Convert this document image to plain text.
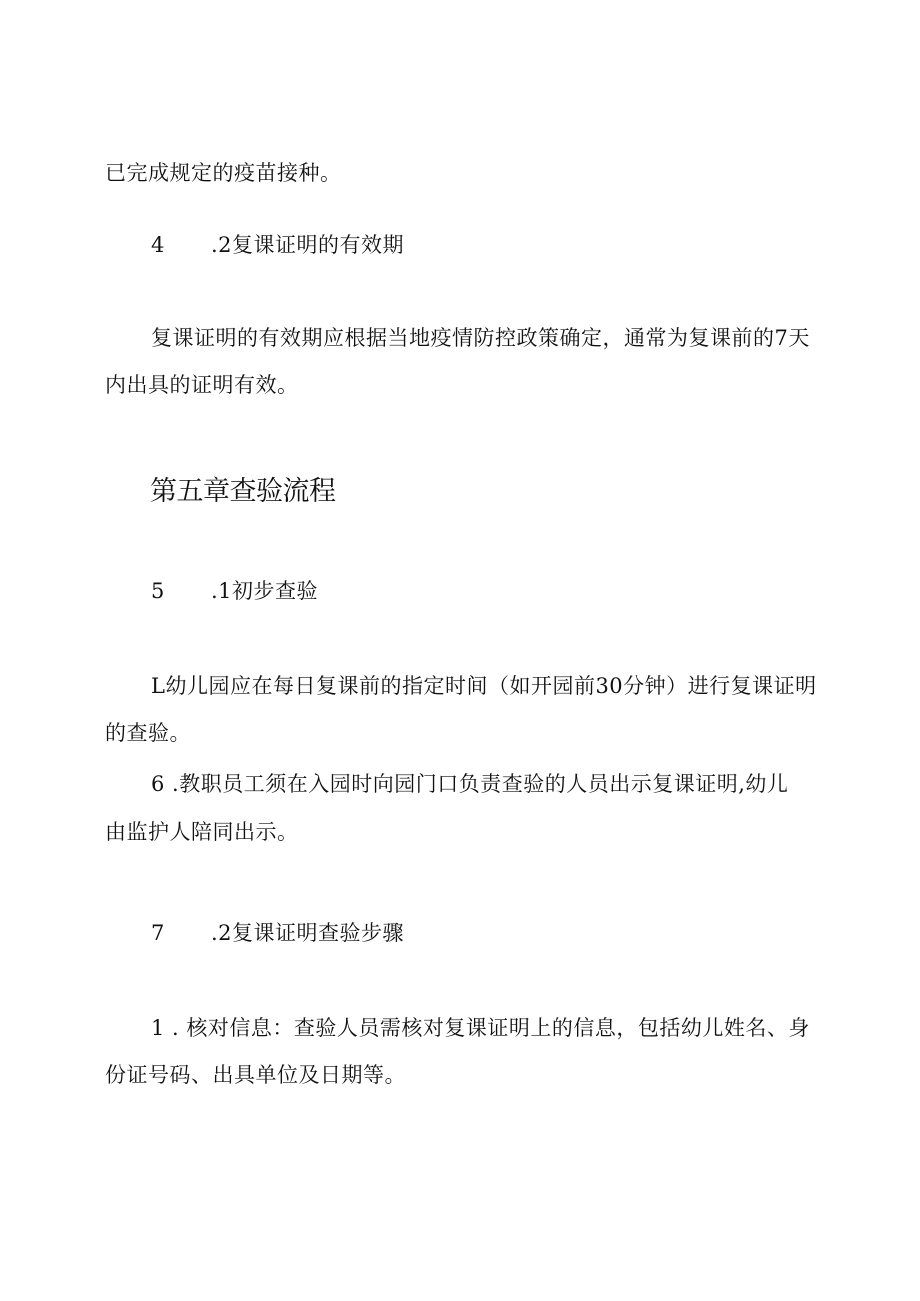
已完成规定的疫苗接种。
4 .2复课证明的有效期
复课证明的有效期应根据当地疫情防控政策确定，通常为复课前的7天
内出具的证明有效。
第五章查验流程
5 .1初步查验
L幼儿园应在每日复课前的指定时间（如开园前30分钟）进行复课证明
的查验。
6 .教职员工须在入园时向园门口负责查验的人员出示复课证明,幼儿
由监护人陪同出示。
7 .2复课证明查验步骤
1 . 核对信息：查验人员需核对复课证明上的信息，包括幼儿姓名、身
份证号码、出具单位及日期等。
